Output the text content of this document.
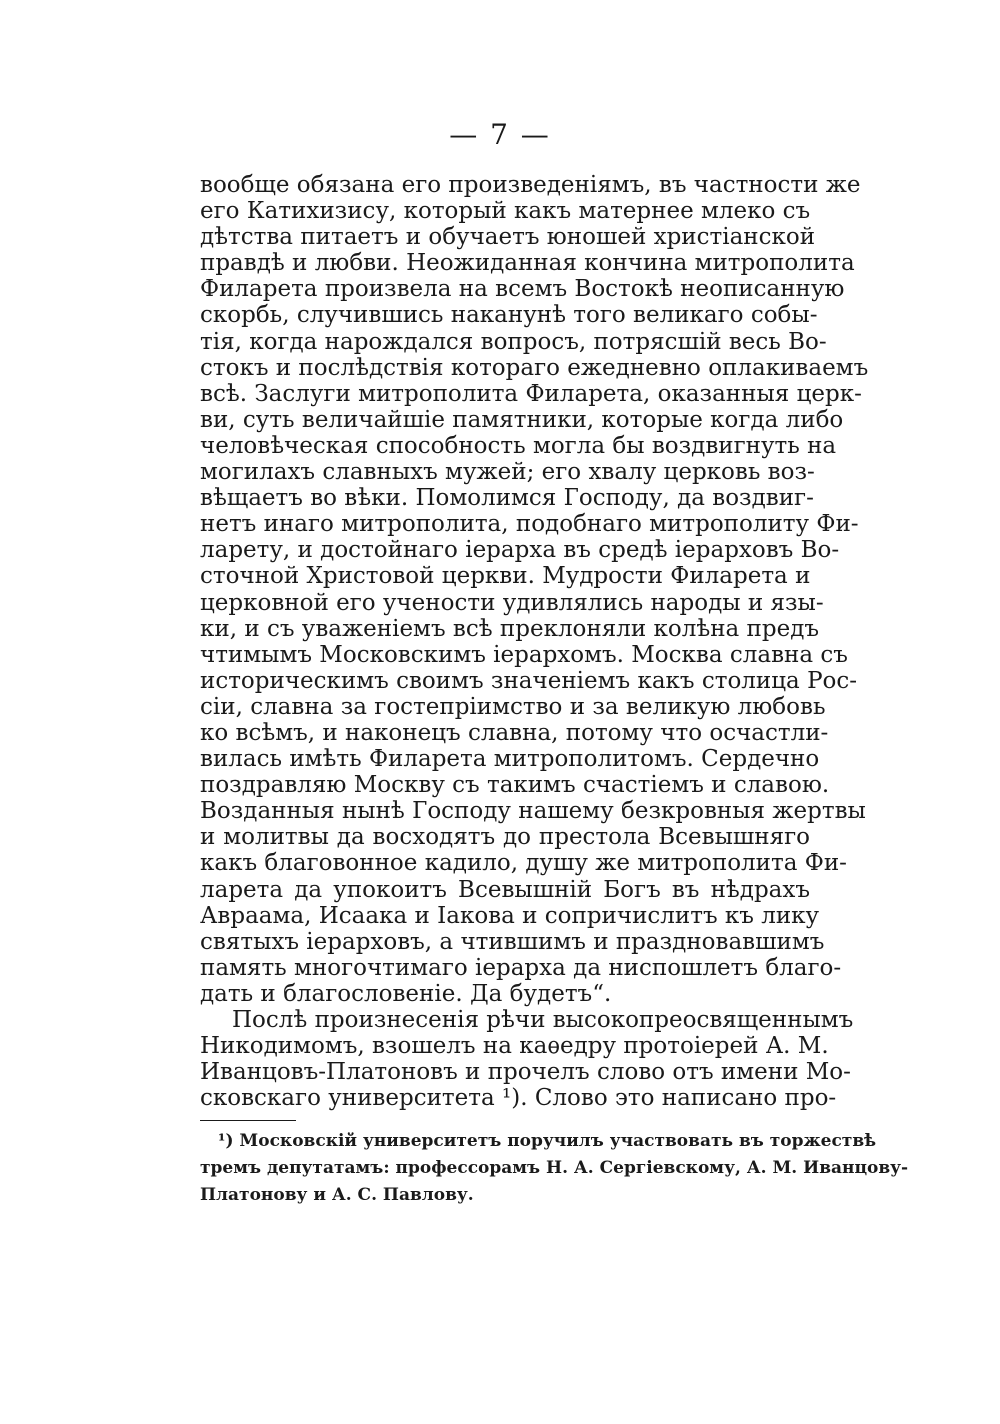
— 7 —
вообще обязана его произведеніямъ, въ частности же
его Катихизису, который какъ матернее млеко съ
дѣтства питаетъ и обучаетъ юношей христіанской
правдѣ и любви. Неожиданная кончина митрополита
Филарета произвела на всемъ Востокѣ неописанную
скорбь, случившись наканунѣ того великаго собы-
тія, когда нарождался вопросъ, потрясшій весь Во-
стокъ и послѣдствія котораго ежедневно оплакиваемъ
всѣ. Заслуги митрополита Филарета, оказанныя церк-
ви, суть величайшіе памятники, которые когда либо
человѣческая способность могла бы воздвигнуть на
могилахъ славныхъ мужей; его хвалу церковь воз-
вѣщаетъ во вѣки. Помолимся Господу, да воздвиг-
нетъ инаго митрополита, подобнаго митрополиту Фи-
ларету, и достойнаго іерарха въ средѣ іерарховъ Во-
сточной Христовой церкви. Мудрости Филарета и
церковной его учености удивлялись народы и язы-
ки, и съ уваженіемъ всѣ преклоняли колѣна предъ
чтимымъ Московскимъ іерархомъ. Москва славна съ
историческимъ своимъ значеніемъ какъ столица Рос-
сіи, славна за гостепріимство и за великую любовь
ко всѣмъ, и наконецъ славна, потому что осчастли-
вилась имѣть Филарета митрополитомъ. Сердечно
поздравляю Москву съ такимъ счастіемъ и славою.
Возданныя нынѣ Господу нашему безкровныя жертвы
и молитвы да восходятъ до престола Всевышняго
какъ благовонное кадило, душу же митрополита Фи-
ларета да упокоитъ Всевышній Богъ въ нѣдрахъ
Авраама, Исаака и Іакова и сопричислитъ къ лику
святыхъ іерарховъ, а чтившимъ и праздновавшимъ
память многочтимаго іерарха да ниспошлетъ благо-
дать и благословеніе. Да будетъ“.
Послѣ произнесенія рѣчи высокопреосвященнымъ
Никодимомъ, взошелъ на каѳедру протоіерей А. М.
Иванцовъ-Платоновъ и прочелъ слово отъ имени Мо-
сковскаго университета ¹). Слово это написано про-
¹) Московскій университетъ поручилъ участвовать въ торжествѣ
тремъ депутатамъ: профессорамъ Н. А. Сергіевскому, А. М. Иванцову-
Платонову и А. С. Павлову.
